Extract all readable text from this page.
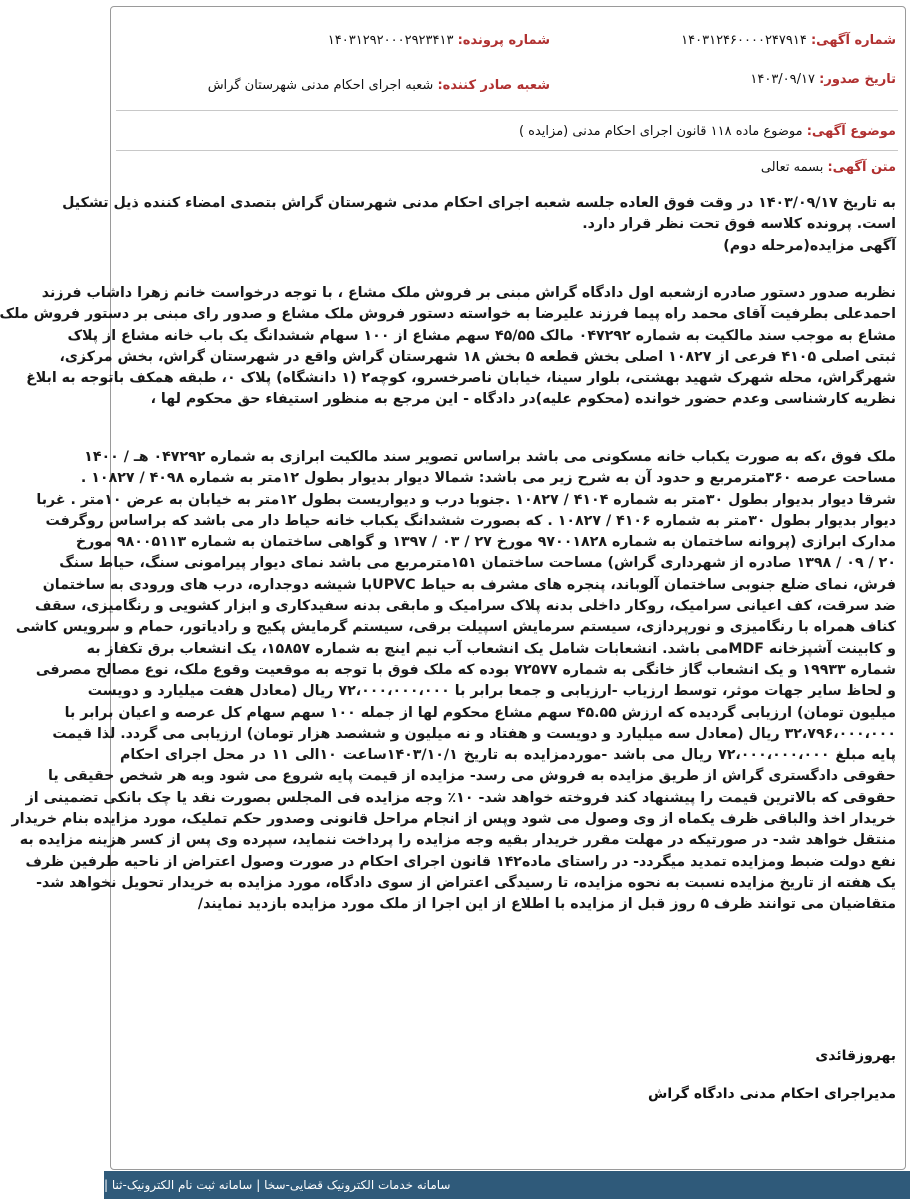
شماره آگهی: ۱۴۰۳۱۲۴۶۰۰۰۰۲۴۷۹۱۴
شماره پرونده: ۱۴۰۳۱۲۹۲۰۰۰۲۹۲۳۴۱۳
تاریخ صدور: ۱۴۰۳/۰۹/۱۷
شعبه صادر کننده: شعبه اجرای احکام مدنی شهرستان گراش
موضوع آگهی: موضوع ماده ۱۱۸ قانون اجرای احکام مدنی (مزایده )
متن آگهی: بسمه تعالی
به تاریخ ۱۴۰۳/۰۹/۱۷ در وقت فوق العاده جلسه شعبه اجرای احکام مدنی شهرستان گراش بتصدی امضاء کننده ذیل تشکیل
است. پرونده کلاسه فوق تحت نظر قرار دارد.
آگهی مزایده(مرحله دوم)
نظربه صدور دستور صادره ازشعبه اول دادگاه گراش مبنی بر فروش ملک مشاع ، با توجه درخواست خانم زهرا داشاب فرزند
احمدعلی بطرفیت آقای محمد راه پیما فرزند علیرضا به خواسته دستور فروش ملک مشاع و صدور رای مبنی بر دستور فروش ملک
مشاع به موجب سند مالکیت به شماره ۰۴۷۲۹۲ مالک ۴۵/۵۵ سهم مشاع از ۱۰۰ سهام ششدانگ یک باب خانه مشاع از پلاک
ثبتی اصلی ۴۱۰۵ فرعی از ۱۰۸۲۷ اصلی بخش قطعه ۵ بخش ۱۸ شهرستان گراش واقع در شهرستان گراش، بخش مرکزی،
شهرگراش، محله شهرک شهید بهشتی، بلوار سینا، خیابان ناصرخسرو، کوچه۲ (۱ دانشگاه) پلاک ۰، طبقه همکف باتوجه به ابلاغ
نظریه کارشناسی وعدم حضور خوانده (محکوم علیه)در دادگاه - این مرجع به منظور استیفاء حق محکوم لها ،
ملک فوق ،که به صورت یکباب خانه مسکونی می باشد براساس تصویر سند مالکیت ابرازی به شماره ۰۴۷۲۹۲ هـ / ۱۴۰۰
مساحت عرصه ۳۶۰مترمربع و حدود آن به شرح زیر می باشد: شمالا دیوار بدیوار بطول ۱۲متر به شماره ۴۰۹۸ / ۱۰۸۲۷ .
شرقا دیوار بدیوار بطول ۳۰متر به شماره ۴۱۰۴ / ۱۰۸۲۷ .جنوبا درب و دیواریست بطول ۱۲متر به خیابان به عرض ۱۰متر . غربا
دیوار بدیوار بطول ۳۰متر به شماره ۴۱۰۶ / ۱۰۸۲۷ . که بصورت ششدانگ یکباب خانه حیاط دار می باشد که براساس روگرفت
مدارک ابرازی (پروانه ساختمان به شماره ۹۷۰۰۱۸۲۸ مورخ ۲۷ / ۰۳ / ۱۳۹۷ و گواهی ساختمان به شماره ۹۸۰۰۵۱۱۳ مورخ
۲۰ / ۰۹ / ۱۳۹۸ صادره از شهرداری گراش) مساحت ساختمان ۱۵۱مترمربع می باشد نمای دیوار پیرامونی سنگ، حیاط سنگ
فرش، نمای ضلع جنوبی ساختمان آلوباند، پنجره های مشرف به حیاط UPVCبا شیشه دوجداره، درب های ورودی به ساختمان
ضد سرقت، کف اعیانی سرامیک، روکار داخلی بدنه پلاک سرامیک و مابقی بدنه سفیدکاری و ابزار کشویی و رنگامیزی، سقف
کناف همراه با رنگامیزی و نورپردازی، سیستم سرمایش اسپیلت برقی، سیستم گرمایش پکیج و رادیاتور، حمام و سرویس کاشی
و کابینت آشپزخانه MDFمی باشد. انشعابات شامل یک انشعاب آب نیم اینچ به شماره ۱۵۸۵۷، یک انشعاب برق تکفاز به
شماره ۱۹۹۳۳ و یک انشعاب گاز خانگی به شماره ۷۲۵۷۷ بوده که ملک فوق با توجه به موقعیت وقوع ملک، نوع مصالح مصرفی
و لحاظ سایر جهات موثر، توسط ارزیاب -ارزیابی و جمعا برابر با ۷۲،۰۰۰،۰۰۰،۰۰۰ ریال (معادل هفت میلیارد و دویست
میلیون تومان) ارزیابی گردیده که ارزش ۴۵.۵۵ سهم مشاع محکوم لها از جمله ۱۰۰ سهم سهام کل عرصه و اعیان برابر با
۳۲،۷۹۶،۰۰۰،۰۰۰ ریال (معادل سه میلیارد و دویست و هفتاد و نه میلیون و ششصد هزار تومان) ارزیابی می گردد. لذا قیمت
پایه مبلغ ۷۲،۰۰۰،۰۰۰،۰۰۰ ریال می باشد -موردمزایده به تاریخ ۱۴۰۳/۱۰/۱ساعت ۱۰الی ۱۱ در محل اجرای احکام
حقوقی دادگستری گراش از طریق مزایده به فروش می رسد- مزایده از قیمت پایه شروع می شود وبه هر شخص حقیقی یا
حقوقی که بالاترین قیمت را پیشنهاد کند فروخته خواهد شد- ۱۰٪ وجه مزایده فی المجلس بصورت نقد یا چک بانکی تضمینی از
خریدار اخذ والباقی ظرف یکماه از وی وصول می شود وپس از انجام مراحل قانونی وصدور حکم تملیک، مورد مزایده بنام خریدار
منتقل خواهد شد- در صورتیکه در مهلت مقرر خریدار بقیه وجه مزایده را پرداخت ننماید، سپرده وی پس از کسر هزینه مزایده به
نفع دولت ضبط ومزایده تمدید میگردد- در راستای ماده۱۴۲ قانون اجرای احکام در صورت وصول اعتراض از ناحیه طرفین ظرف
یک هفته از تاریخ مزایده نسبت به نحوه مزایده، تا رسیدگی اعتراض از سوی دادگاه، مورد مزایده به خریدار تحویل نخواهد شد-
متقاضیان می توانند ظرف ۵ روز قبل از مزایده با اطلاع از این اجرا از ملک مورد مزایده بازدید نمایند/
بهروزقائدی
مدیراجرای احکام مدنی دادگاه گراش
سامانه خدمات الکترونیک قضایی-سخا | سامانه ثبت نام الکترونیک-ثنا |
